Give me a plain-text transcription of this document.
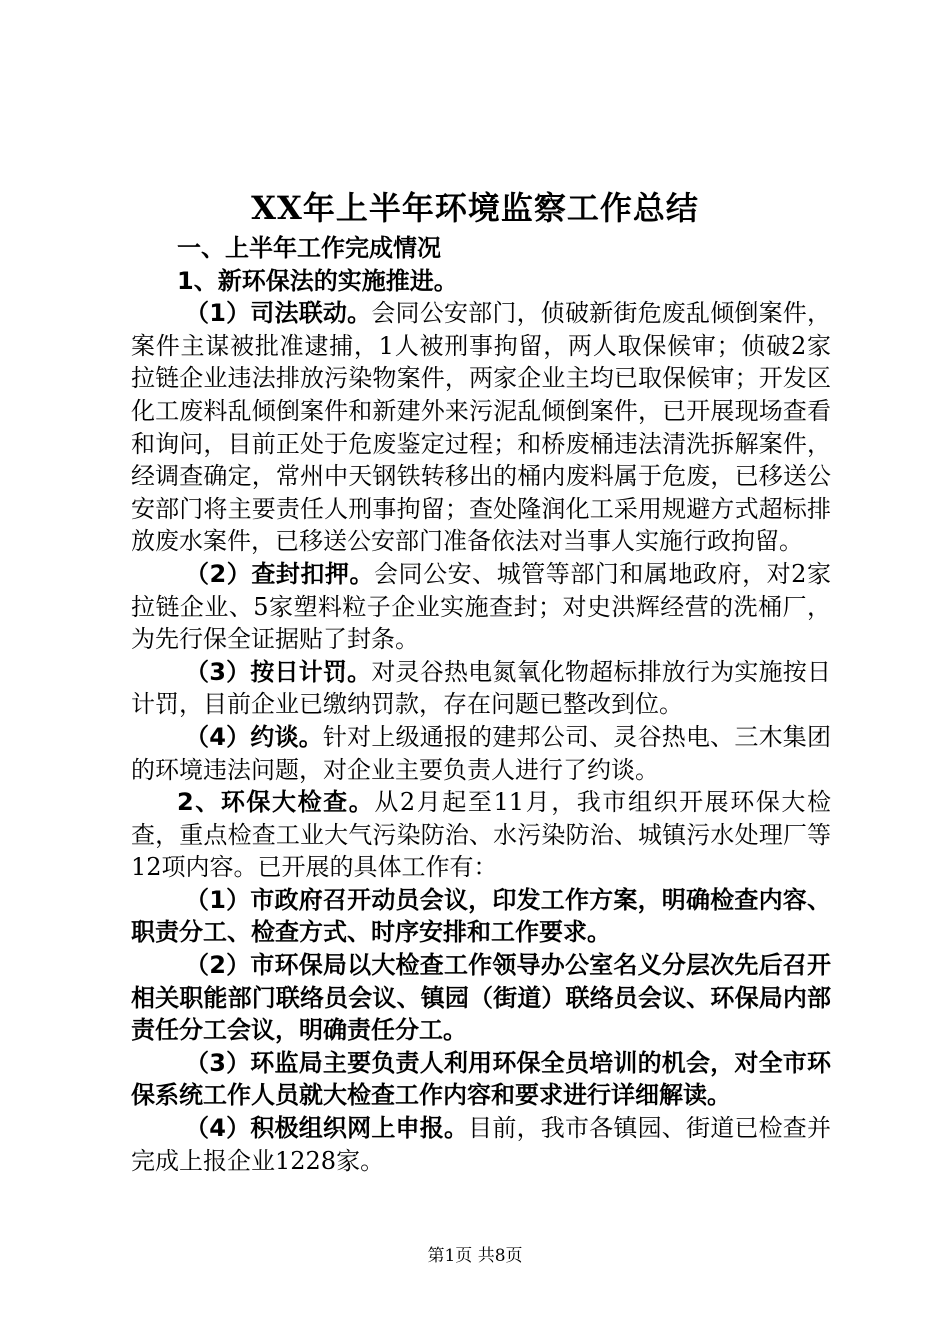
XX年上半年环境监察工作总结

一、上半年工作完成情况

1、新环保法的实施推进。

（1）司法联动。会同公安部门，侦破新街危废乱倾倒案件，案件主谋被批准逮捕，1人被刑事拘留，两人取保候审；侦破2家拉链企业违法排放污染物案件，两家企业主均已取保候审；开发区化工废料乱倾倒案件和新建外来污泥乱倾倒案件，已开展现场查看和询问，目前正处于危废鉴定过程；和桥废桶违法清洗拆解案件，经调查确定，常州中天钢铁转移出的桶内废料属于危废，已移送公安部门将主要责任人刑事拘留；查处隆润化工采用规避方式超标排放废水案件，已移送公安部门准备依法对当事人实施行政拘留。

（2）查封扣押。会同公安、城管等部门和属地政府，对2家拉链企业、5家塑料粒子企业实施查封；对史洪辉经营的洗桶厂，为先行保全证据贴了封条。

（3）按日计罚。对灵谷热电氮氧化物超标排放行为实施按日计罚，目前企业已缴纳罚款，存在问题已整改到位。

（4）约谈。针对上级通报的建邦公司、灵谷热电、三木集团的环境违法问题，对企业主要负责人进行了约谈。

2、环保大检查。从2月起至11月，我市组织开展环保大检查，重点检查工业大气污染防治、水污染防治、城镇污水处理厂等12项内容。已开展的具体工作有：

（1）市政府召开动员会议，印发工作方案，明确检查内容、职责分工、检查方式、时序安排和工作要求。

（2）市环保局以大检查工作领导办公室名义分层次先后召开相关职能部门联络员会议、镇园（街道）联络员会议、环保局内部责任分工会议，明确责任分工。

（3）环监局主要负责人利用环保全员培训的机会，对全市环保系统工作人员就大检查工作内容和要求进行详细解读。

（4）积极组织网上申报。目前，我市各镇园、街道已检查并完成上报企业1228家。

第1页 共8页
